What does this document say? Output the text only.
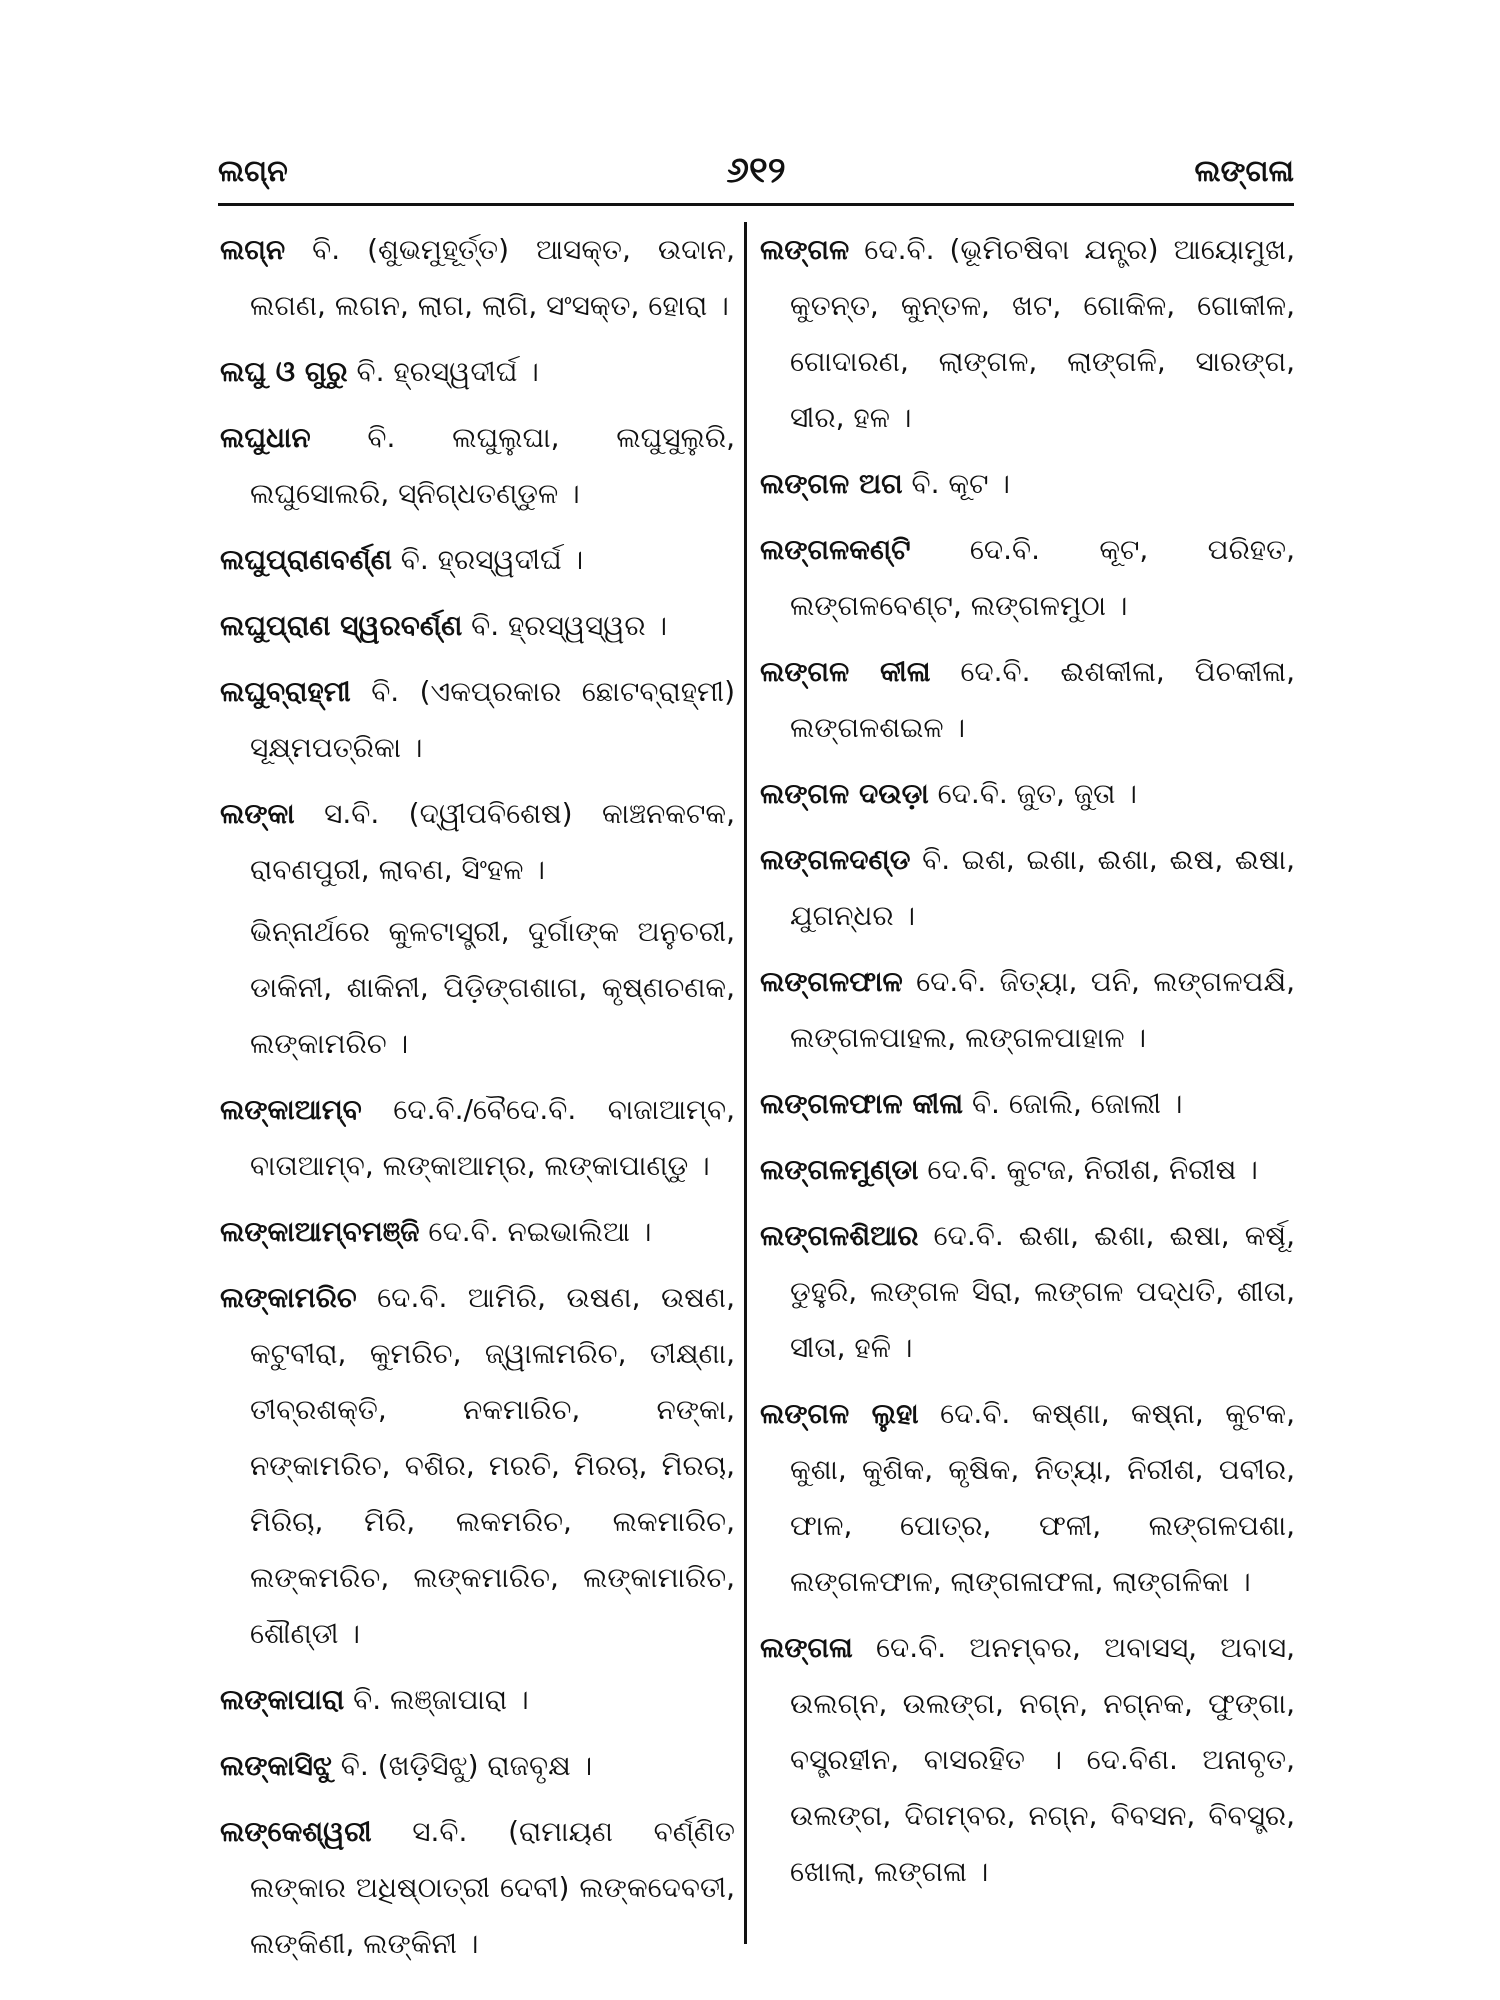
ଲଗ୍ନ	୬୧୨	ଲଙ୍ଗଳା
ଲଗ୍ନ ବି. (ଶୁଭମୁହୂର୍ତ୍ତ) ଆସକ୍ତ, ଉଦାନ, ଲଗଣ, ଲଗନ, ଲାଗ, ଲାଗି, ସଂସକ୍ତ, ହୋରା ।
ଲଘୁ ଓ ଗୁରୁ ବି. ହ୍ରସ୍ୱଦୀର୍ଘ ।
ଲଘୁଧାନ ବି. ଲଘୁଲୁଘା, ଲଘୁସୁଲୁରି, ଲଘୁସୋଲରି, ସ୍ନିଗ୍ଧତଣ୍ଡୁଳ ।
ଲଘୁପ୍ରାଣବର୍ଣ୍ଣ ବି. ହ୍ରସ୍ୱଦୀର୍ଘ ।
ଲଘୁପ୍ରାଣ ସ୍ୱରବର୍ଣ୍ଣ ବି. ହ୍ରସ୍ୱସ୍ୱର ।
ଲଘୁବ୍ରାହ୍ମୀ ବି. (ଏକପ୍ରକାର ଛୋଟବ୍ରାହ୍ମୀ) ସୂକ୍ଷ୍ମପତ୍ରିକା ।
ଲଙ୍କା ସ.ବି. (ଦ୍ୱୀପବିଶେଷ) କାଞ୍ଚନକଟକ, ରାବଣପୁରୀ, ଲାବଣ, ସିଂହଳ ।
ଭିନ୍ନାର୍ଥରେ କୁଳଟାସ୍ତ୍ରୀ, ଦୁର୍ଗାଙ୍କ ଅନୁଚରୀ, ଡାକିନୀ, ଶାକିନୀ, ପିଡ଼ିଙ୍ଗଶାଗ, କୃଷ୍ଣଚଣକ, ଲଙ୍କାମରିଚ ।
ଲଙ୍କାଆମ୍ବ ଦେ.ବି./ବୈଦେ.ବି. ବାଜାଆମ୍ବ, ବାତାଆମ୍ବ, ଲଙ୍କାଆମ୍ର, ଲଙ୍କାପାଣ୍ଡୁ ।
ଲଙ୍କାଆମ୍ବମଞ୍ଜି ଦେ.ବି. ନଇଭାଲିଆ ।
ଲଙ୍କାମରିଚ ଦେ.ବି. ଆମିରି, ଉଷଣ, ଉଷଣ, କଟୁବୀରା, କୁମରିଚ, ଜ୍ୱାଳାମରିଚ, ତୀକ୍ଷ୍ଣା, ତୀବ୍ରଶକ୍ତି, ନକମାରିଚ, ନଙ୍କା, ନଙ୍କାମରିଚ, ବଶିର, ମରଚି, ମିରଚା, ମିରଚା, ମିରିଚା, ମିରି, ଲକମରିଚ, ଲକମାରିଚ, ଲଙ୍କମରିଚ, ଲଙ୍କମାରିଚ, ଲଙ୍କାମାରିଚ, ଶୌଣ୍ଡୀ ।
ଲଙ୍କାପାରା ବି. ଲଞ୍ଜାପାରା ।
ଲଙ୍କାସିଝୁ ବି. (ଖଡ଼ିସିଝୁ) ରାଜବୃକ୍ଷ ।
ଲଙ୍କେଶ୍ୱରୀ ସ.ବି. (ରାମାୟଣ ବର୍ଣ୍ଣିତ ଲଙ୍କାର ଅଧିଷ୍ଠାତ୍ରୀ ଦେବୀ) ଲଙ୍କଦେବତୀ, ଲଙ୍କିଣୀ, ଲଙ୍କିନୀ ।
ଲଙ୍ଗଳ ଦେ.ବି. (ଭୂମିଚଷିବା ଯନ୍ତ୍ର) ଆୟୋମୁଖ, କୁତନ୍ତ, କୁନ୍ତଳ, ଖଟ, ଗୋକିଳ, ଗୋକୀଳ, ଗୋଦାରଣ, ଲାଙ୍ଗଳ, ଲାଙ୍ଗଳି, ସାରଙ୍ଗ, ସୀର, ହଳ ।
ଲଙ୍ଗଳ ଅଗ ବି. କୂଟ ।
ଲଙ୍ଗଳକଣ୍ଟି ଦେ.ବି. କୂଟ, ପରିହତ, ଲଙ୍ଗଳବେଣ୍ଟ, ଲଙ୍ଗଳମୁଠା ।
ଲଙ୍ଗଳ କୀଳା ଦେ.ବି. ଈଶକୀଳା, ପିଚକୀଳା, ଲଙ୍ଗଳଶଇଳ ।
ଲଙ୍ଗଳ ଦଉଡ଼ା ଦେ.ବି. ଜୁତ, ଜୁତା ।
ଲଙ୍ଗଳଦଣ୍ଡ ବି. ଇଶ, ଇଶା, ଈଶା, ଈଷ, ଈଷା, ଯୁଗନ୍ଧର ।
ଲଙ୍ଗଳଫାଳ ଦେ.ବି. ଜିତ୍ୟା, ପନି, ଲଙ୍ଗଳପକ୍ଷି, ଲଙ୍ଗଳପାହଲ, ଲଙ୍ଗଳପାହାଳ ।
ଲଙ୍ଗଳଫାଳ କୀଳା ବି. ଜୋଲି, ଜୋଲୀ ।
ଲଙ୍ଗଳମୁଣ୍ଡା ଦେ.ବି. କୁଟଜ, ନିରୀଶ, ନିରୀଷ ।
ଲଙ୍ଗଳଶିଆର ଦେ.ବି. ଈଶା, ଈଶା, ଈଷା, କର୍ଷୂ, ଡୁହୁରି, ଲଙ୍ଗଳ ସିରା, ଲଙ୍ଗଳ ପଦ୍ଧତି, ଶୀତା, ସୀତା, ହଳି ।
ଲଙ୍ଗଳ ଲୁହା ଦେ.ବି. କଷ୍ଣା, କଷ୍ନା, କୁଟକ, କୁଶା, କୁଶିକ, କୃଷିକ, ନିତ୍ୟା, ନିରୀଶ, ପବୀର, ଫାଳ, ପୋତ୍ର, ଫଳୀ, ଲଙ୍ଗଳପଶା, ଲଙ୍ଗଳଫାଳ, ଲାଙ୍ଗଳାଫଳା, ଲାଙ୍ଗଳିକା ।
ଲଙ୍ଗଳା ଦେ.ବି. ଅନମ୍ବର, ଅବାସସ୍, ଅବାସ, ଉଲଗ୍ନ, ଉଲଙ୍ଗ, ନଗ୍ନ, ନଗ୍ନକ, ଫୁଙ୍ଗା, ବସ୍ତ୍ରହୀନ, ବାସରହିତ । ଦେ.ବିଣ. ଅନାବୃତ, ଉଲଙ୍ଗ, ଦିଗମ୍ବର, ନଗ୍ନ, ବିବସନ, ବିବସ୍ତ୍ର, ଖୋଲା, ଲଙ୍ଗଳା ।
